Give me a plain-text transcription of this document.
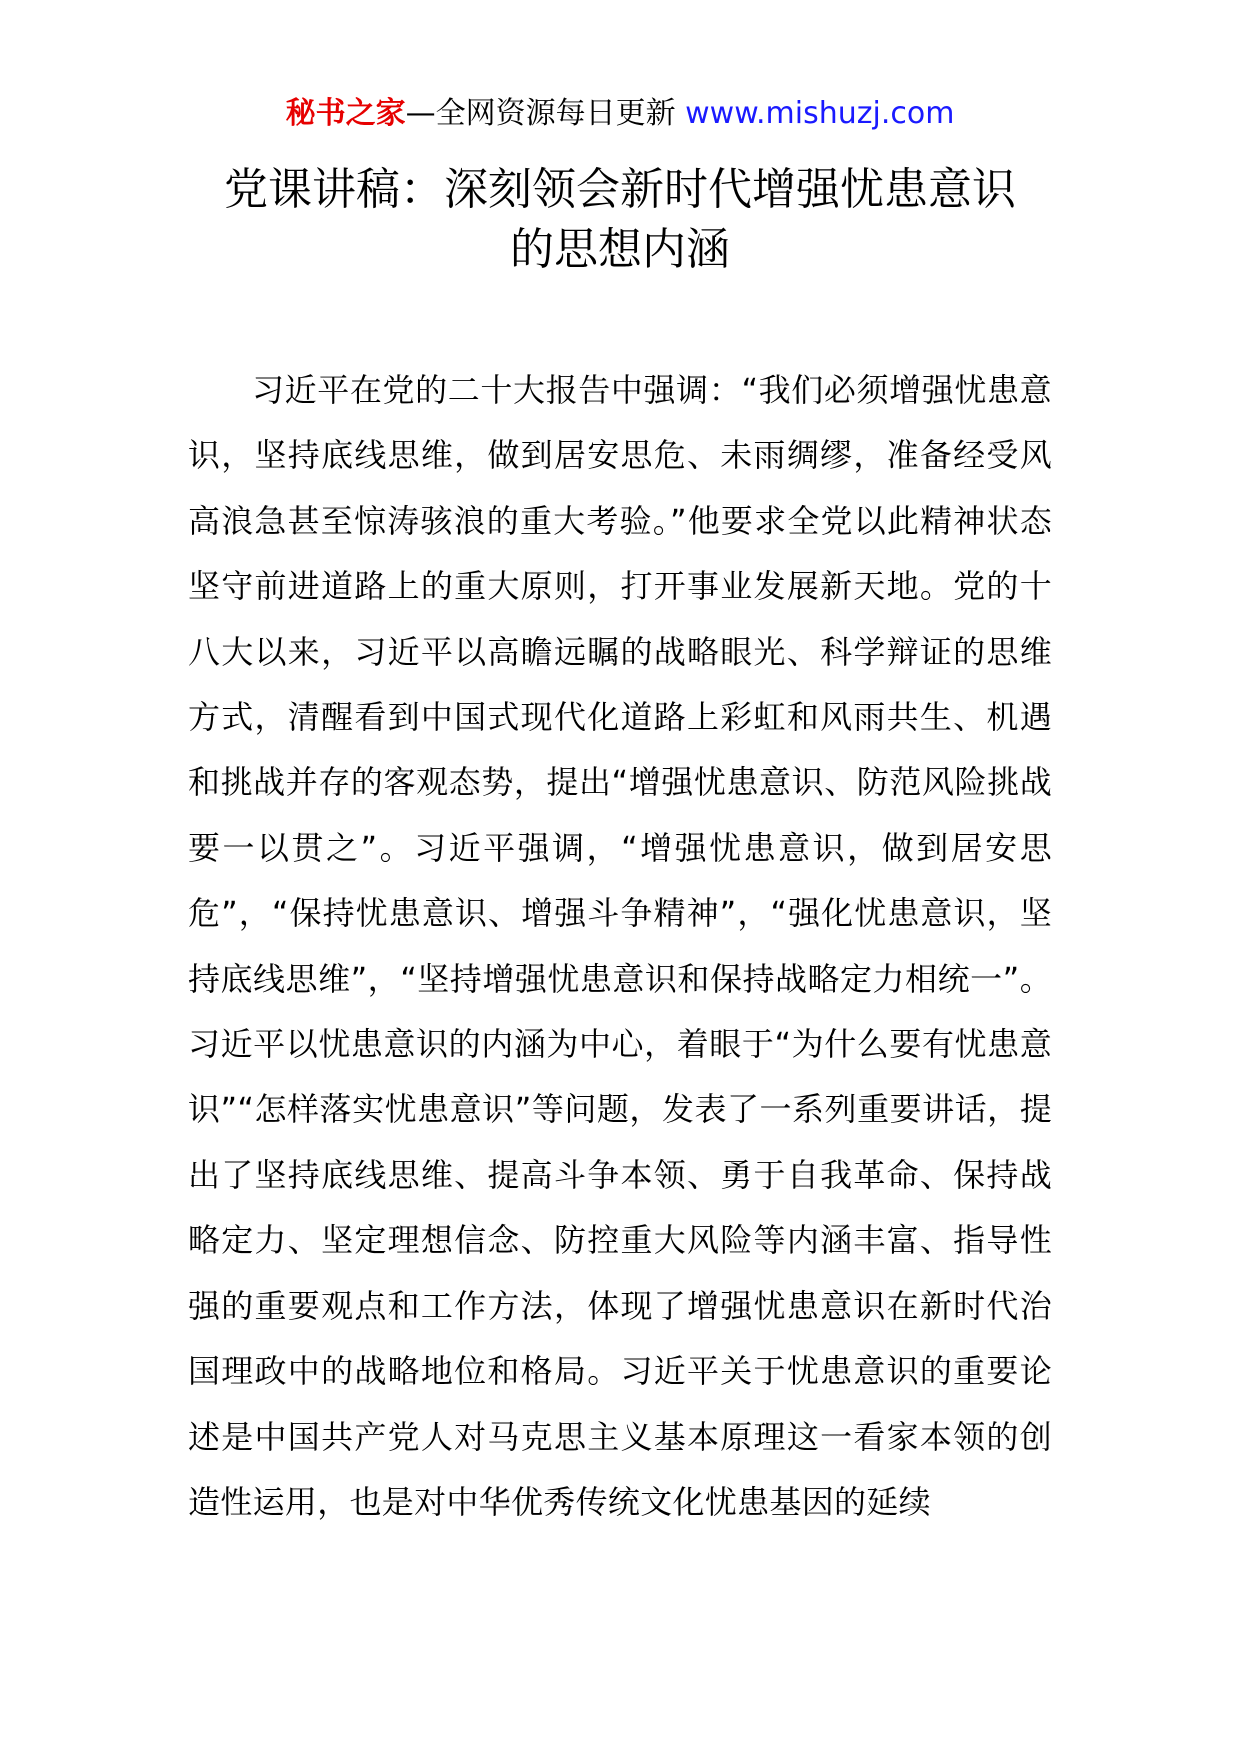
秘书之家—全网资源每日更新 www.mishuzj.com
党课讲稿：深刻领会新时代增强忧患意识
的思想内涵

习近平在党的二十大报告中强调：“我们必须增强忧患意识，坚持底线思维，做到居安思危、未雨绸缪，准备经受风高浪急甚至惊涛骇浪的重大考验。”他要求全党以此精神状态坚守前进道路上的重大原则，打开事业发展新天地。党的十八大以来，习近平以高瞻远瞩的战略眼光、科学辩证的思维方式，清醒看到中国式现代化道路上彩虹和风雨共生、机遇和挑战并存的客观态势，提出“增强忧患意识、防范风险挑战要一以贯之”。习近平强调，“增强忧患意识，做到居安思危”，“保持忧患意识、增强斗争精神”，“强化忧患意识，坚持底线思维”，“坚持增强忧患意识和保持战略定力相统一”。习近平以忧患意识的内涵为中心，着眼于“为什么要有忧患意识”“怎样落实忧患意识”等问题，发表了一系列重要讲话，提出了坚持底线思维、提高斗争本领、勇于自我革命、保持战略定力、坚定理想信念、防控重大风险等内涵丰富、指导性强的重要观点和工作方法，体现了增强忧患意识在新时代治国理政中的战略地位和格局。习近平关于忧患意识的重要论述是中国共产党人对马克思主义基本原理这一看家本领的创造性运用，也是对中华优秀传统文化忧患基因的延续
